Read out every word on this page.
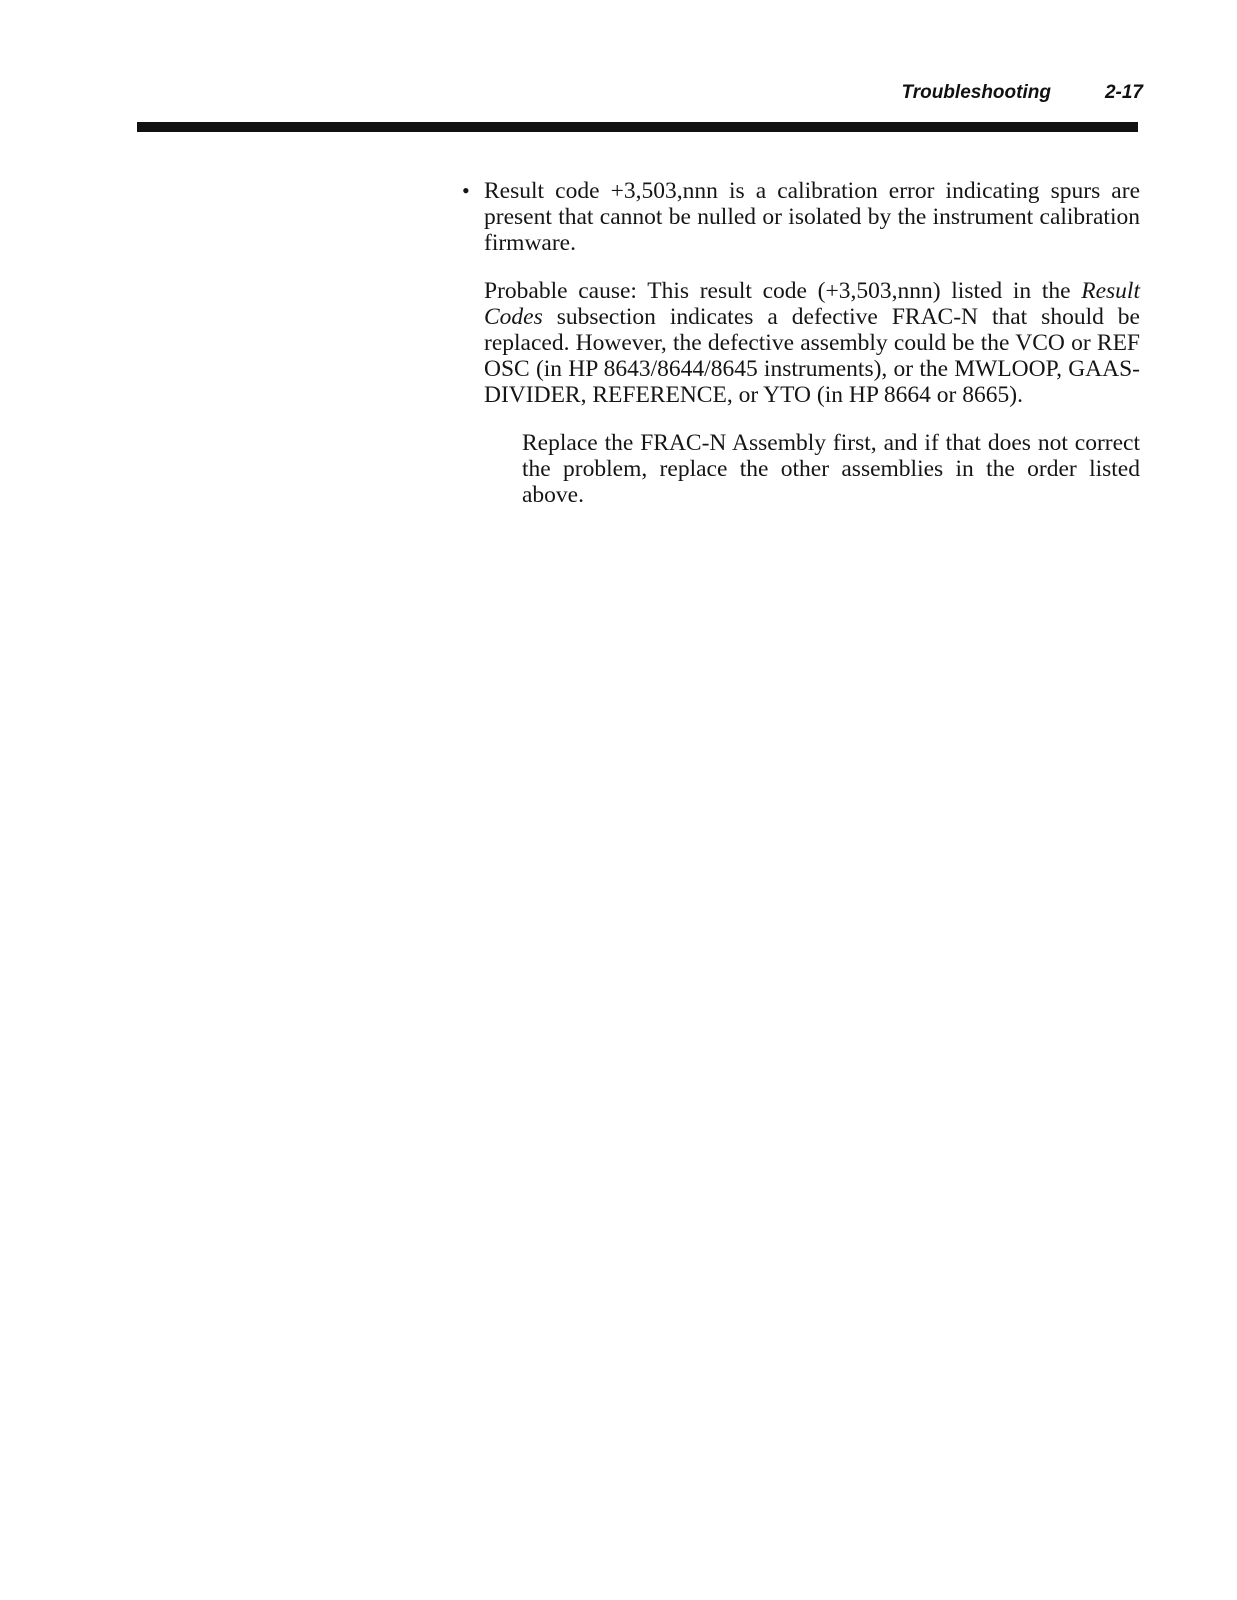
Troubleshooting	2-17
• Result code +3,503,nnn is a calibration error indicating spurs are present that cannot be nulled or isolated by the instrument calibration firmware.

Probable cause: This result code (+3,503,nnn) listed in the Result Codes subsection indicates a defective FRAC-N that should be replaced. However, the defective assembly could be the VCO or REF OSC (in HP 8643/8644/8645 instruments), or the MWLOOP, GAAS-DIVIDER, REFERENCE, or YTO (in HP 8664 or 8665).

Replace the FRAC-N Assembly first, and if that does not correct the problem, replace the other assemblies in the order listed above.
